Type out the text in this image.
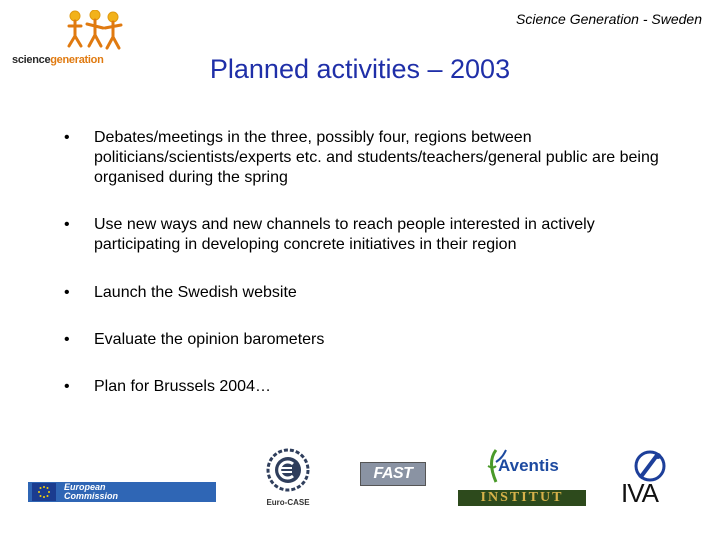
Science Generation - Sweden
sciencegeneration	Planned activities – 2003
• Debates/meetings in the three, possibly four, regions between politicians/scientists/experts etc. and students/teachers/general public are being organised during the spring
• Use new ways and new channels to reach people interested in actively participating in developing concrete initiatives in their region
• Launch the Swedish website
• Evaluate the opinion barometers
• Plan for Brussels 2004…
European
Commission
Euro-CASE
FAST	Aventis
INSTITUT IVA
